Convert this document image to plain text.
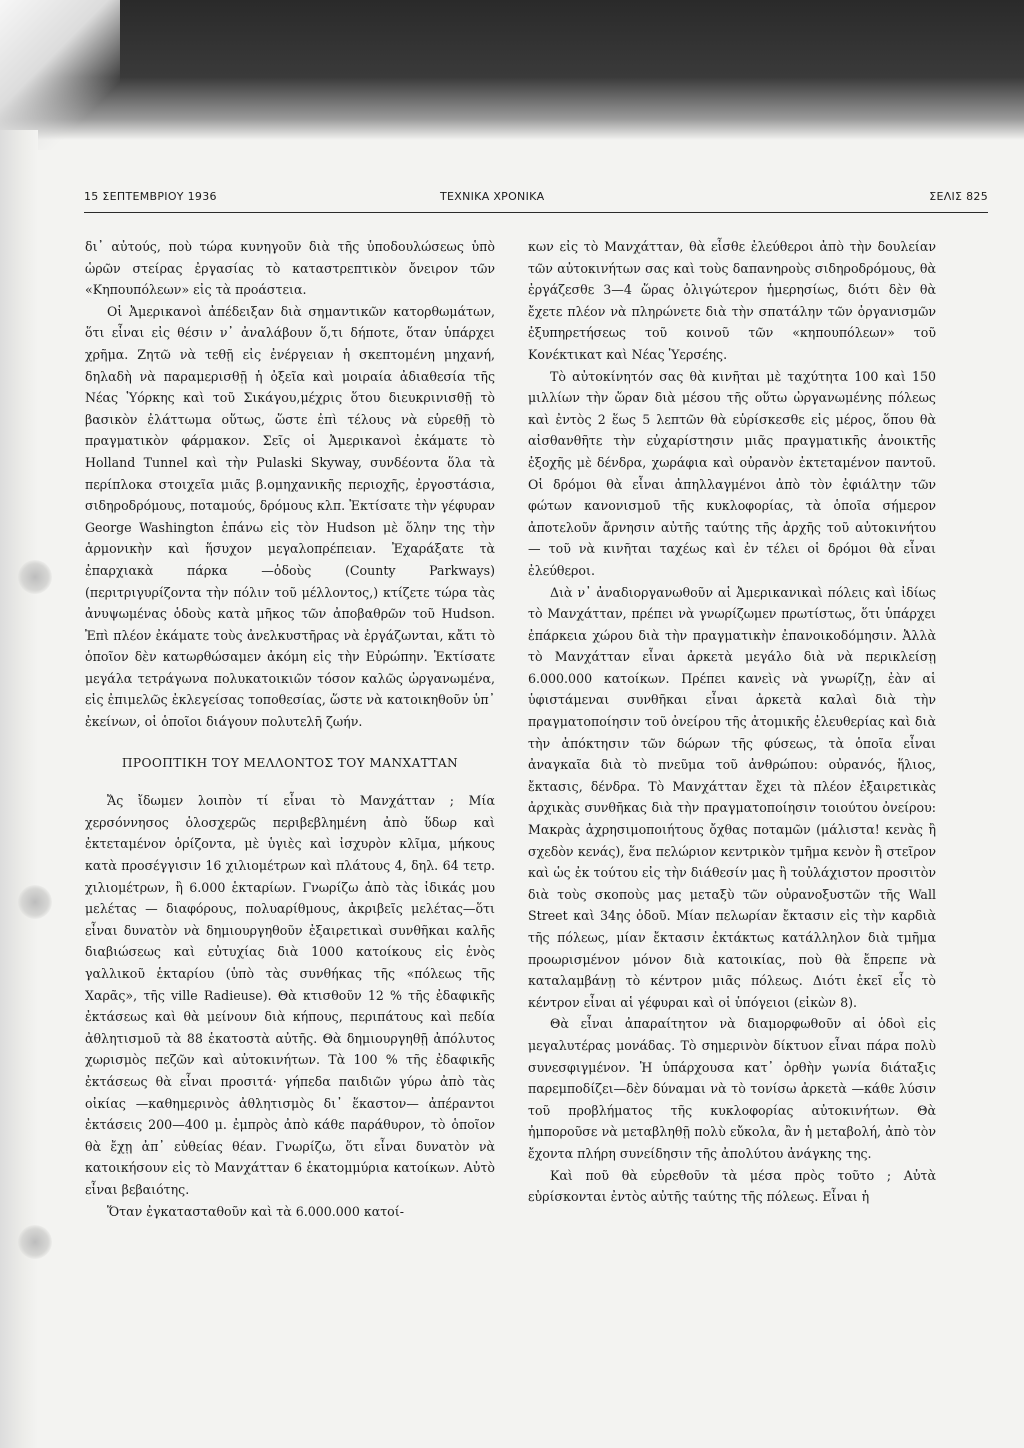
15 ΣΕΠΤΕΜΒΡΙΟΥ 1936	ΤΕΧΝΙΚΑ ΧΡΟΝΙΚΑ	ΣΕΛΙΣ 825

δι᾽ αὐτούς, ποὺ τώρα κυνηγοῦν διὰ τῆς ὑποδουλώσεως ὑπὸ ὡρῶν στείρας ἐργασίας τὸ καταστρεπτικὸν ὄνειρον τῶν «Κηπουπόλεων» εἰς τὰ προάστεια.

Οἱ Ἀμερικανοὶ ἀπέδειξαν διὰ σημαντικῶν κατορθωμάτων, ὅτι εἶναι εἰς θέσιν ν᾽ ἀναλάβουν ὅ,τι δήποτε, ὅταν ὑπάρχει χρῆμα. Ζητῶ νὰ τεθῇ εἰς ἐνέργειαν ἡ σκεπτομένη μηχανή, δηλαδὴ νὰ παραμερισθῇ ἡ ὀξεῖα καὶ μοιραία ἀδιαθεσία τῆς Νέας Ὑόρκης καὶ τοῦ Σικάγου,μέχρις ὅτου διευκρινισθῇ τὸ βασικὸν ἐλάττωμα οὕτως, ὥστε ἐπὶ τέλους νὰ εὑρεθῇ τὸ πραγματικὸν φάρμακον. Σεῖς οἱ Ἀμερικανοὶ ἐκάματε τὸ Holland Tunnel καὶ τὴν Pulaski Skyway, συνδέοντα ὅλα τὰ περίπλοκα στοιχεῖα μιᾶς β.ομηχανικῆς περιοχῆς, ἐργοστάσια, σιδηροδρόμους, ποταμούς, δρόμους κλπ. Ἐκτίσατε τὴν γέφυραν George Washington ἐπάνω εἰς τὸν Hudson μὲ ὅλην της τὴν ἁρμονικὴν καὶ ἥσυχον μεγαλοπρέπειαν. Ἐχαράξατε τὰ ἐπαρχιακὰ πάρκα —ὁδοὺς (County Parkways) (περιτριγυρίζοντα τὴν πόλιν τοῦ μέλλοντος,) κτίζετε τώρα τὰς ἀνυψωμένας ὁδοὺς κατὰ μῆκος τῶν ἀποβαθρῶν τοῦ Hudson. Ἐπὶ πλέον ἐκάματε τοὺς ἀνελκυστῆρας νὰ ἐργάζωνται, κἄτι τὸ ὁποῖον δὲν κατωρθώσαμεν ἀκόμη εἰς τὴν Εὐρώπην. Ἐκτίσατε μεγάλα τετράγωνα πολυκατοικιῶν τόσον καλῶς ὠργανωμένα, εἰς ἐπιμελῶς ἐκλεγείσας τοποθεσίας, ὥστε νὰ κατοικηθοῦν ὑπ᾽ ἐκείνων, οἱ ὁποῖοι διάγουν πολυτελῆ ζωήν.

ΠΡΟΟΠΤΙΚΗ ΤΟΥ ΜΕΛΛΟΝΤΟΣ ΤΟΥ ΜΑΝΧΑΤΤΑΝ

Ἄς ἴδωμεν λοιπὸν τί εἶναι τὸ Μανχάτταν ; Μία χερσόννησος ὁλοσχερῶς περιβεβλημένη ἀπὸ ὕδωρ καὶ ἐκτεταμένον ὁρίζοντα, μὲ ὑγιὲς καὶ ἰσχυρὸν κλῖμα, μήκους κατὰ προσέγγισιν 16 χιλιομέτρων καὶ πλάτους 4, δηλ. 64 τετρ. χιλιομέτρων, ἢ 6.000 ἑκταρίων. Γνωρίζω ἀπὸ τὰς ἰδικάς μου μελέτας — διαφόρους, πολυαρίθμους, ἀκριβεῖς μελέτας—ὅτι εἶναι δυνατὸν νὰ δημιουργηθοῦν ἐξαιρετικαὶ συνθῆκαι καλῆς διαβιώσεως καὶ εὐτυχίας διὰ 1000 κατοίκους εἰς ἑνὸς γαλλικοῦ ἑκταρίου (ὑπὸ τὰς συνθήκας τῆς «πόλεως τῆς Χαρᾶς», τῆς ville Radieuse). Θὰ κτισθοῦν 12 % τῆς ἐδαφικῆς ἐκτάσεως καὶ θὰ μείνουν διὰ κήπους, περιπάτους καὶ πεδία ἀθλητισμοῦ τὰ 88 ἑκατοστὰ αὐτῆς. Θὰ δημιουργηθῇ ἀπόλυτος χωρισμὸς πεζῶν καὶ αὐτοκινήτων. Τὰ 100 % τῆς ἐδαφικῆς ἐκτάσεως θὰ εἶναι προσιτά· γήπεδα παιδιῶν γύρω ἀπὸ τὰς οἰκίας —καθημερινὸς ἀθλητισμὸς δι᾽ ἕκαστον— ἀπέραντοι ἐκτάσεις 200—400 μ. ἐμπρὸς ἀπὸ κάθε παράθυρον, τὸ ὁποῖον θὰ ἔχῃ ἀπ᾽ εὐθείας θέαν. Γνωρίζω, ὅτι εἶναι δυνατὸν νὰ κατοικήσουν εἰς τὸ Μανχάτταν 6 ἑκατομμύρια κατοίκων. Αὐτὸ εἶναι βεβαιότης.

Ὅταν ἐγκατασταθοῦν καὶ τὰ 6.000.000 κατοί-

κων εἰς τὸ Μανχάτταν, θὰ εἶσθε ἐλεύθεροι ἀπὸ τὴν δουλείαν τῶν αὐτοκινήτων σας καὶ τοὺς δαπανηροὺς σιδηροδρόμους, θὰ ἐργάζεσθε 3—4 ὥρας ὀλιγώτερον ἡμερησίως, διότι δὲν θὰ ἔχετε πλέον νὰ πληρώνετε διὰ τὴν σπατάλην τῶν ὀργανισμῶν ἐξυπηρετήσεως τοῦ κοινοῦ τῶν «κηπουπόλεων» τοῦ Κονέκτικατ καὶ Νέας Ὑερσέης.

Τὸ αὐτοκίνητόν σας θὰ κινῆται μὲ ταχύτητα 100 καὶ 150 μιλλίων τὴν ὥραν διὰ μέσου τῆς οὕτω ὠργανωμένης πόλεως καὶ ἐντὸς 2 ἕως 5 λεπτῶν θὰ εὑρίσκεσθε εἰς μέρος, ὅπου θὰ αἰσθανθῆτε τὴν εὐχαρίστησιν μιᾶς πραγματικῆς ἀνοικτῆς ἐξοχῆς μὲ δένδρα, χωράφια καὶ οὐρανὸν ἐκτεταμένον παντοῦ. Οἱ δρόμοι θὰ εἶναι ἀπηλλαγμένοι ἀπὸ τὸν ἐφιάλτην τῶν φώτων κανονισμοῦ τῆς κυκλοφορίας, τὰ ὁποῖα σήμερον ἀποτελοῦν ἄρνησιν αὐτῆς ταύτης τῆς ἀρχῆς τοῦ αὐτοκινήτου — τοῦ νὰ κινῆται ταχέως καὶ ἐν τέλει οἱ δρόμοι θὰ εἶναι ἐλεύθεροι.

Διὰ ν᾽ ἀναδιοργανωθοῦν αἱ Ἀμερικανικαὶ πόλεις καὶ ἰδίως τὸ Μανχάτταν, πρέπει νὰ γνωρίζωμεν πρωτίστως, ὅτι ὑπάρχει ἐπάρκεια χώρου διὰ τὴν πραγματικὴν ἐπανοικοδόμησιν. Ἀλλὰ τὸ Μανχάτταν εἶναι ἀρκετὰ μεγάλο διὰ νὰ περικλείσῃ 6.000.000 κατοίκων. Πρέπει κανεὶς νὰ γνωρίζῃ, ἐὰν αἱ ὑφιστάμεναι συνθῆκαι εἶναι ἀρκετὰ καλαὶ διὰ τὴν πραγματοποίησιν τοῦ ὀνείρου τῆς ἀτομικῆς ἐλευθερίας καὶ διὰ τὴν ἀπόκτησιν τῶν δώρων τῆς φύσεως, τὰ ὁποῖα εἶναι ἀναγκαῖα διὰ τὸ πνεῦμα τοῦ ἀνθρώπου: οὐρανός, ἥλιος, ἔκτασις, δένδρα. Τὸ Μανχάτταν ἔχει τὰ πλέον ἐξαιρετικὰς ἀρχικὰς συνθῆκας διὰ τὴν πραγματοποίησιν τοιούτου ὀνείρου: Μακρὰς ἀχρησιμοποιήτους ὄχθας ποταμῶν (μάλιστα! κενὰς ἢ σχεδὸν κενάς), ἕνα πελώριον κεντρικὸν τμῆμα κενὸν ἢ στεῖρον καὶ ὡς ἐκ τούτου εἰς τὴν διάθεσίν μας ἢ τοὐλάχιστον προσιτὸν διὰ τοὺς σκοποὺς μας μεταξὺ τῶν οὐρανοξυστῶν τῆς Wall Street καὶ 34ης ὁδοῦ. Μίαν πελωρίαν ἔκτασιν εἰς τὴν καρδιὰ τῆς πόλεως, μίαν ἔκτασιν ἐκτάκτως κατάλληλον διὰ τμῆμα προωρισμένον μόνον διὰ κατοικίας, ποὺ θὰ ἔπρεπε νὰ καταλαμβάνῃ τὸ κέντρον μιᾶς πόλεως. Διότι ἐκεῖ εἶς τὸ κέντρον εἶναι αἱ γέφυραι καὶ οἱ ὑπόγειοι (εἰκὼν 8).

Θὰ εἶναι ἀπαραίτητον νὰ διαμορφωθοῦν αἱ ὁδοὶ εἰς μεγαλυτέρας μονάδας. Τὸ σημερινὸν δίκτυον εἶναι πάρα πολὺ συνεσφιγμένον. Ἡ ὑπάρχουσα κατ᾽ ὀρθὴν γωνία διάταξις παρεμποδίζει—δὲν δύναμαι νὰ τὸ τονίσω ἀρκετὰ —κάθε λύσιν τοῦ προβλήματος τῆς κυκλοφορίας αὐτοκινήτων. Θὰ ἠμποροῦσε νὰ μεταβληθῇ πολὺ εὔκολα, ἂν ἡ μεταβολή, ἀπὸ τὸν ἔχοντα πλήρη συνείδησιν τῆς ἀπολύτου ἀνάγκης της.

Καὶ ποῦ θὰ εὑρεθοῦν τὰ μέσα πρὸς τοῦτο ; Αὐτὰ εὑρίσκονται ἐντὸς αὐτῆς ταύτης τῆς πόλεως. Εἶναι ἡ
